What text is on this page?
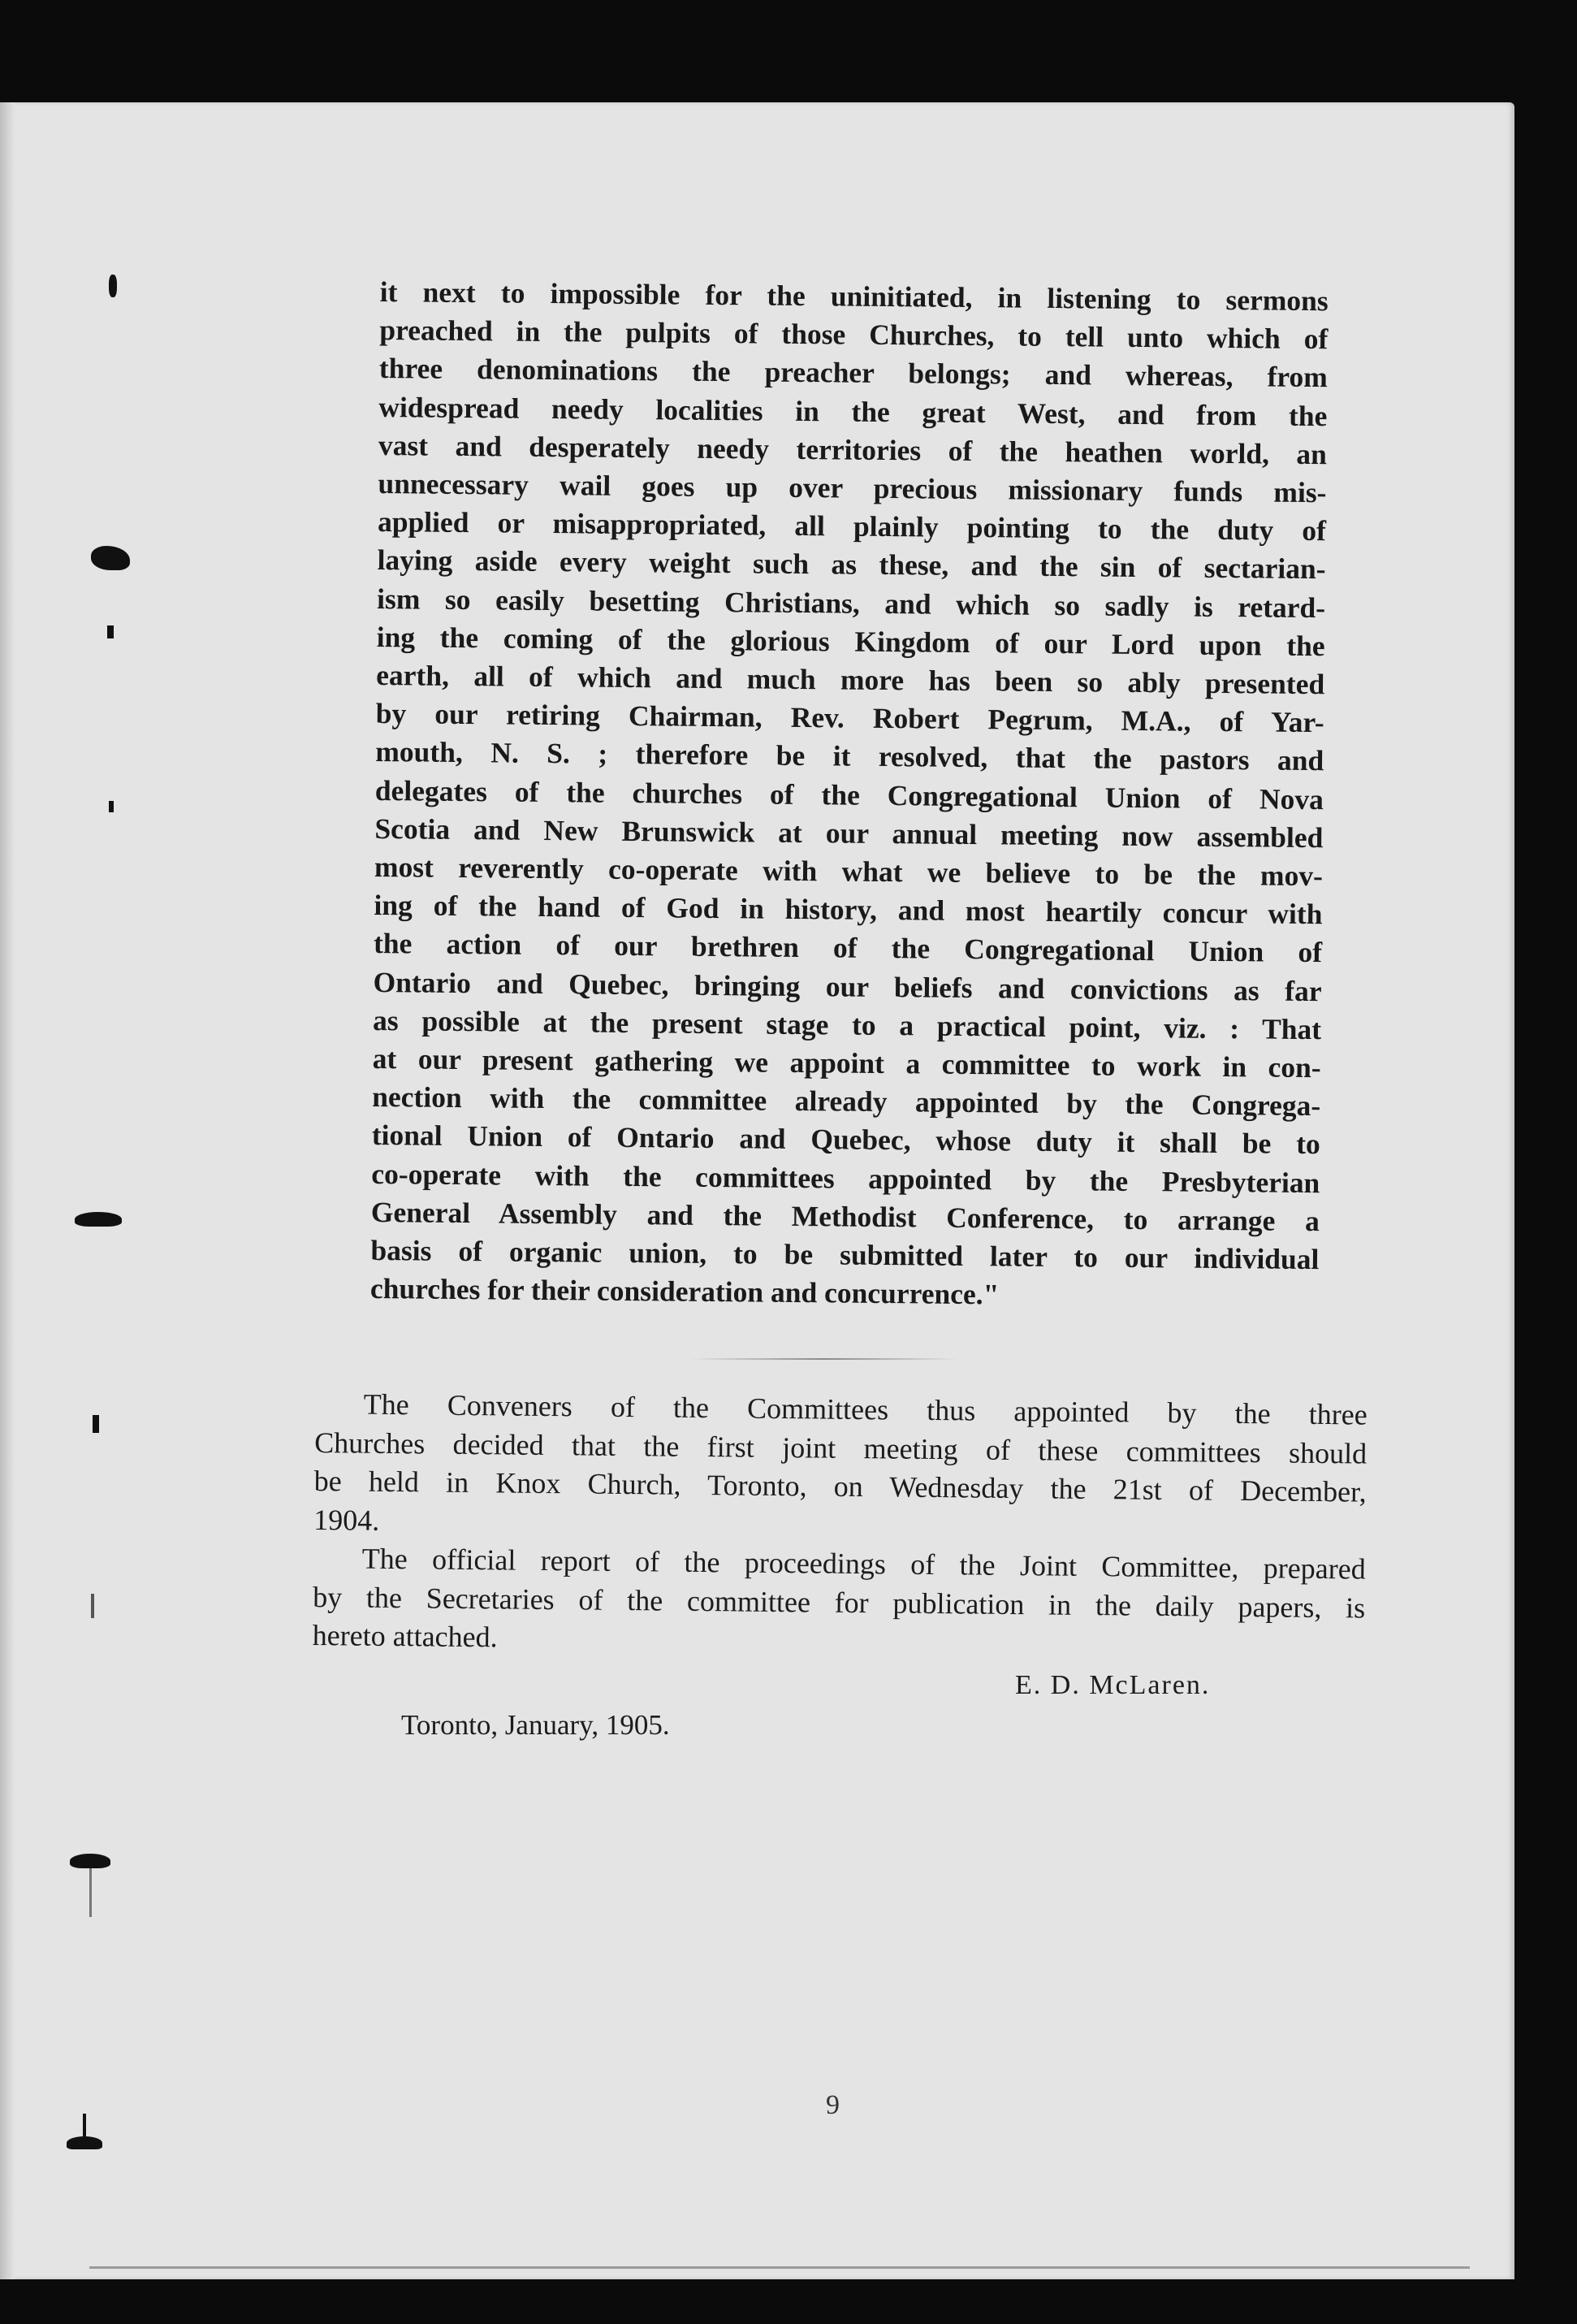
it next to impossible for the uninitiated, in listening to sermons
preached in the pulpits of those Churches, to tell unto which of
three denominations the preacher belongs; and whereas, from
widespread needy localities in the great West, and from the
vast and desperately needy territories of the heathen world, an
unnecessary wail goes up over precious missionary funds mis-
applied or misappropriated, all plainly pointing to the duty of
laying aside every weight such as these, and the sin of sectarian-
ism so easily besetting Christians, and which so sadly is retard-
ing the coming of the glorious Kingdom of our Lord upon the
earth, all of which and much more has been so ably presented
by our retiring Chairman, Rev. Robert Pegrum, M.A., of Yar-
mouth, N. S. ; therefore be it resolved, that the pastors and
delegates of the churches of the Congregational Union of Nova
Scotia and New Brunswick at our annual meeting now assembled
most reverently co-operate with what we believe to be the mov-
ing of the hand of God in history, and most heartily concur with
the action of our brethren of the Congregational Union of
Ontario and Quebec, bringing our beliefs and convictions as far
as possible at the present stage to a practical point, viz. : That
at our present gathering we appoint a committee to work in con-
nection with the committee already appointed by the Congrega-
tional Union of Ontario and Quebec, whose duty it shall be to
co-operate with the committees appointed by the Presbyterian
General Assembly and the Methodist Conference, to arrange a
basis of organic union, to be submitted later to our individual
churches for their consideration and concurrence."
The Conveners of the Committees thus appointed by the three
Churches decided that the first joint meeting of these committees should
be held in Knox Church, Toronto, on Wednesday the 21st of December,
1904.
The official report of the proceedings of the Joint Committee, prepared
by the Secretaries of the committee for publication in the daily papers, is
hereto attached.
E. D. McLaren.
Toronto, January, 1905.
9
